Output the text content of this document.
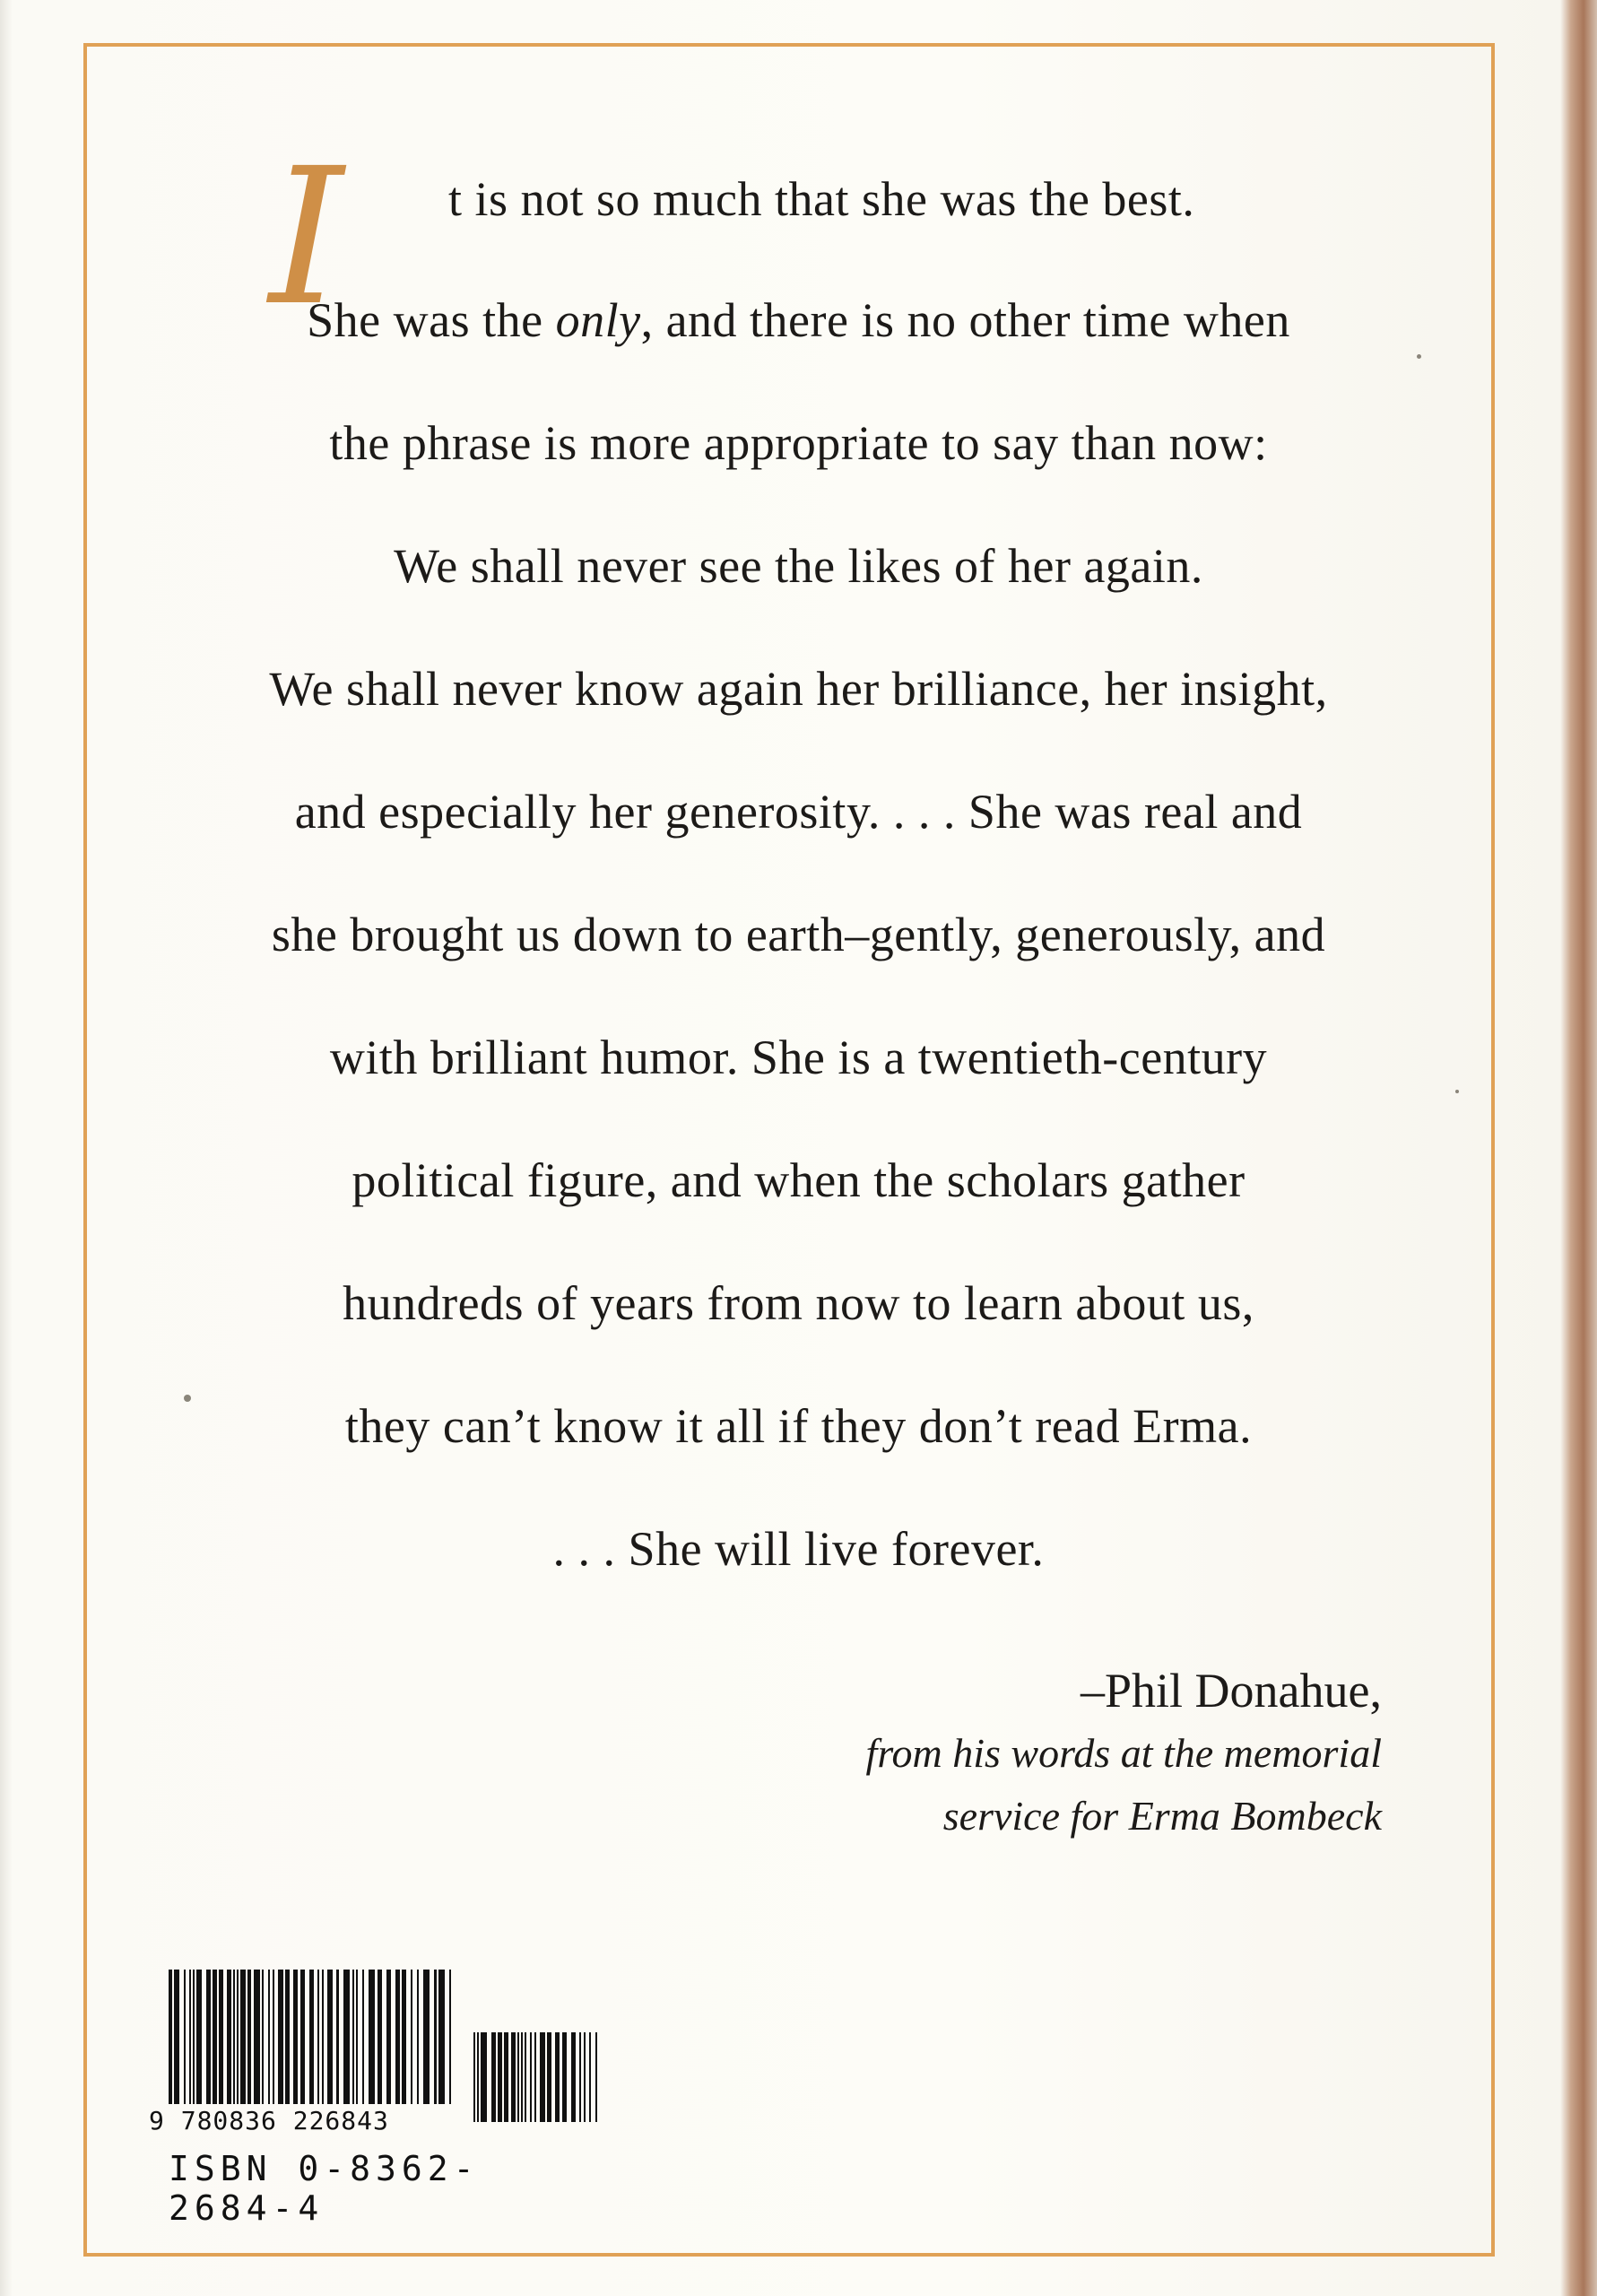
I t is not so much that she was the best.
She was the only, and there is no other time when
the phrase is more appropriate to say than now:
We shall never see the likes of her again.
We shall never know again her brilliance, her insight,
and especially her generosity. . . . She was real and
she brought us down to earth–gently, generously, and
with brilliant humor. She is a twentieth-century
political figure, and when the scholars gather
hundreds of years from now to learn about us,
they can’t know it all if they don’t read Erma.
. . . She will live forever.
–Phil Donahue,
from his words at the memorial
service for Erma Bombeck
9 780836 226843
ISBN 0-8362-2684-4
